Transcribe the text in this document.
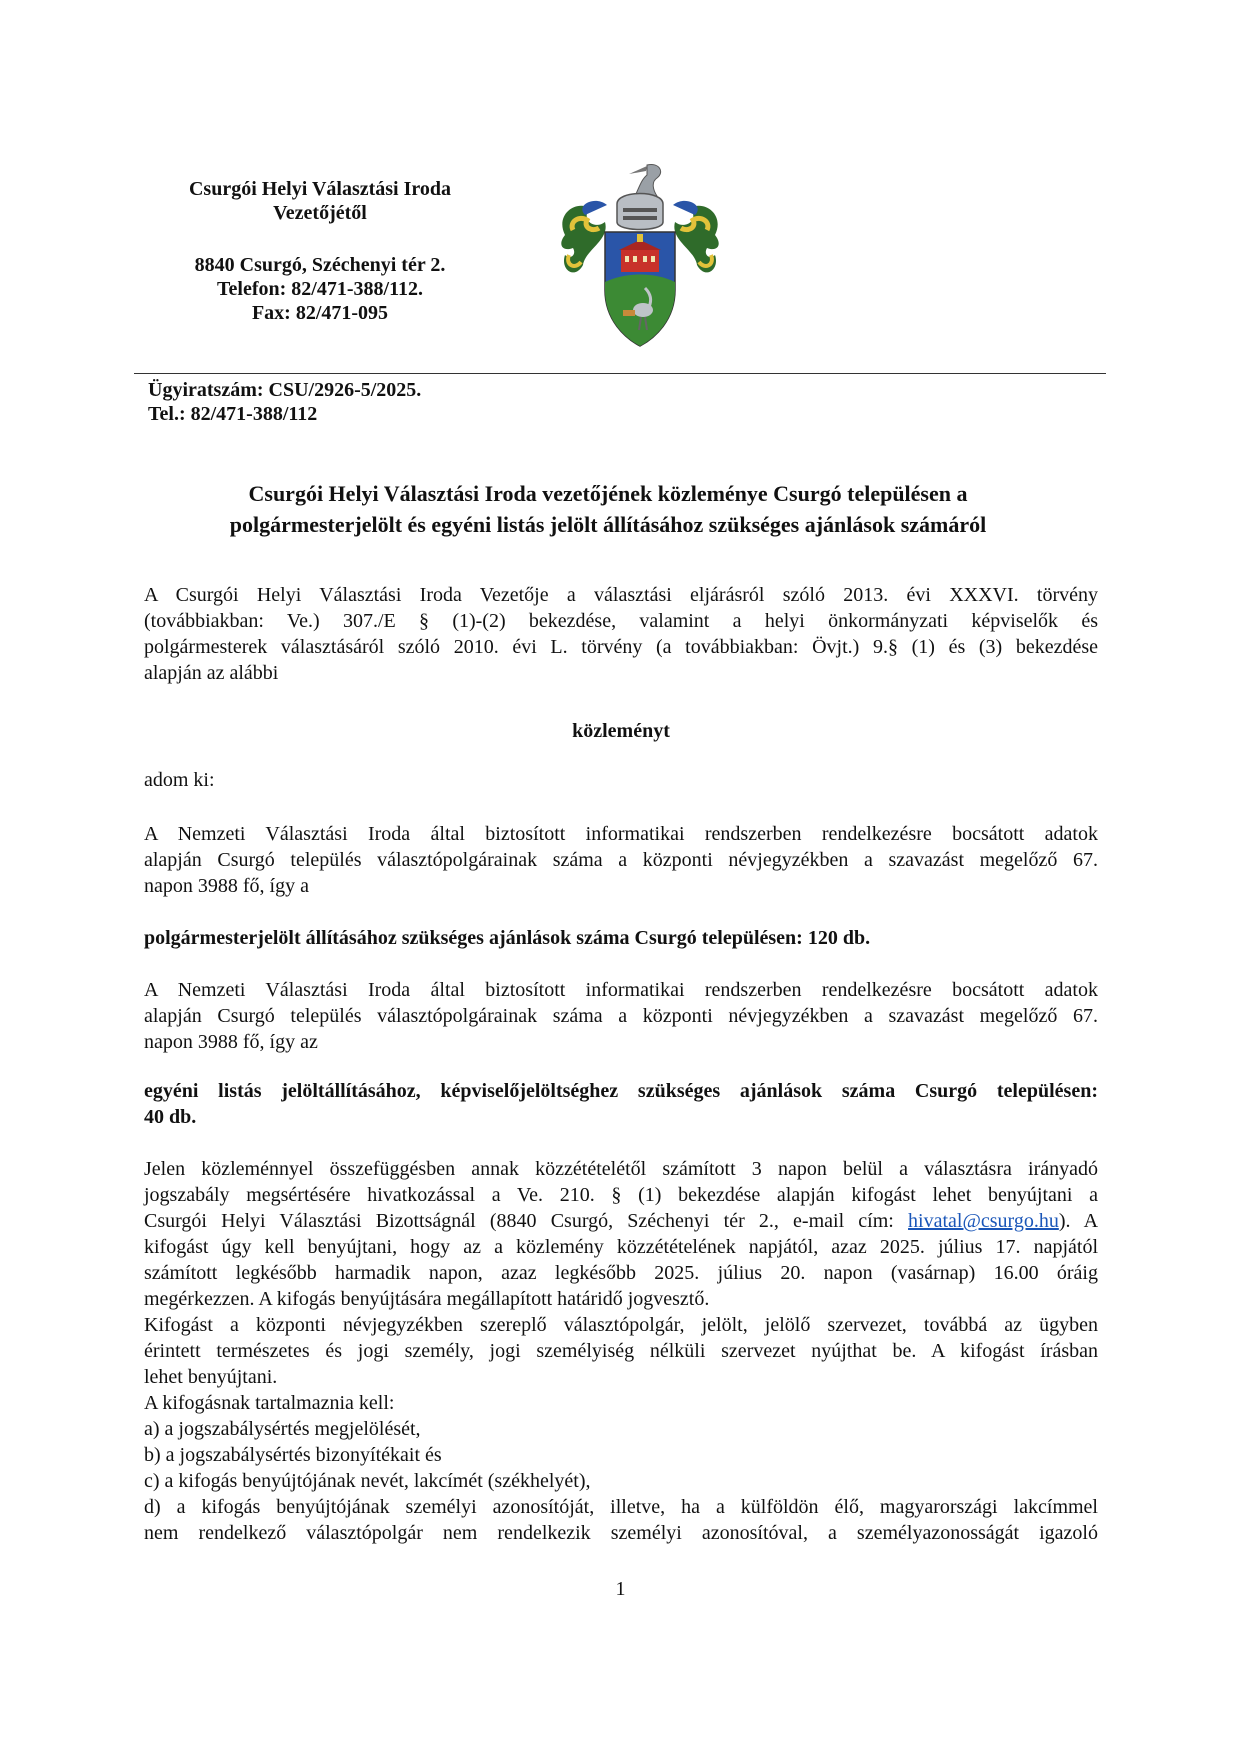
Csurgói Helyi Választási Iroda
Vezetőjétől
8840 Csurgó, Széchenyi tér 2.
Telefon: 82/471-388/112.
Fax: 82/471-095
Ügyiratszám: CSU/2926-5/2025.
Tel.: 82/471-388/112
Csurgói Helyi Választási Iroda vezetőjének közleménye Csurgó településen a
polgármesterjelölt és egyéni listás jelölt állításához szükséges ajánlások számáról
A Csurgói Helyi Választási Iroda Vezetője a választási eljárásról szóló 2013. évi XXXVI. törvény
(továbbiakban: Ve.) 307./E § (1)-(2) bekezdése, valamint a helyi önkormányzati képviselők és
polgármesterek választásáról szóló 2010. évi L. törvény (a továbbiakban: Övjt.) 9.§ (1) és (3) bekezdése
alapján az alábbi
közleményt
adom ki:
A Nemzeti Választási Iroda által biztosított informatikai rendszerben rendelkezésre bocsátott adatok
alapján Csurgó település választópolgárainak száma a központi névjegyzékben a szavazást megelőző 67.
napon 3988 fő, így a
polgármesterjelölt állításához szükséges ajánlások száma Csurgó településen: 120 db.
A Nemzeti Választási Iroda által biztosított informatikai rendszerben rendelkezésre bocsátott adatok
alapján Csurgó település választópolgárainak száma a központi névjegyzékben a szavazást megelőző 67.
napon 3988 fő, így az
egyéni listás jelöltállításához, képviselőjelöltséghez szükséges ajánlások száma Csurgó településen:
40 db.
Jelen közleménnyel összefüggésben annak közzétételétől számított 3 napon belül a választásra irányadó
jogszabály megsértésére hivatkozással a Ve. 210. § (1) bekezdése alapján kifogást lehet benyújtani a
Csurgói Helyi Választási Bizottságnál (8840 Csurgó, Széchenyi tér 2., e-mail cím: hivatal@csurgo.hu). A
kifogást úgy kell benyújtani, hogy az a közlemény közzétételének napjától, azaz 2025. július 17. napjától
számított legkésőbb harmadik napon, azaz legkésőbb 2025. július 20. napon (vasárnap) 16.00 óráig
megérkezzen. A kifogás benyújtására megállapított határidő jogvesztő.
Kifogást a központi névjegyzékben szereplő választópolgár, jelölt, jelölő szervezet, továbbá az ügyben
érintett természetes és jogi személy, jogi személyiség nélküli szervezet nyújthat be. A kifogást írásban
lehet benyújtani.
A kifogásnak tartalmaznia kell:
a) a jogszabálysértés megjelölését,
b) a jogszabálysértés bizonyítékait és
c) a kifogás benyújtójának nevét, lakcímét (székhelyét),
d) a kifogás benyújtójának személyi azonosítóját, illetve, ha a külföldön élő, magyarországi lakcímmel
nem rendelkező választópolgár nem rendelkezik személyi azonosítóval, a személyazonosságát igazoló
1
